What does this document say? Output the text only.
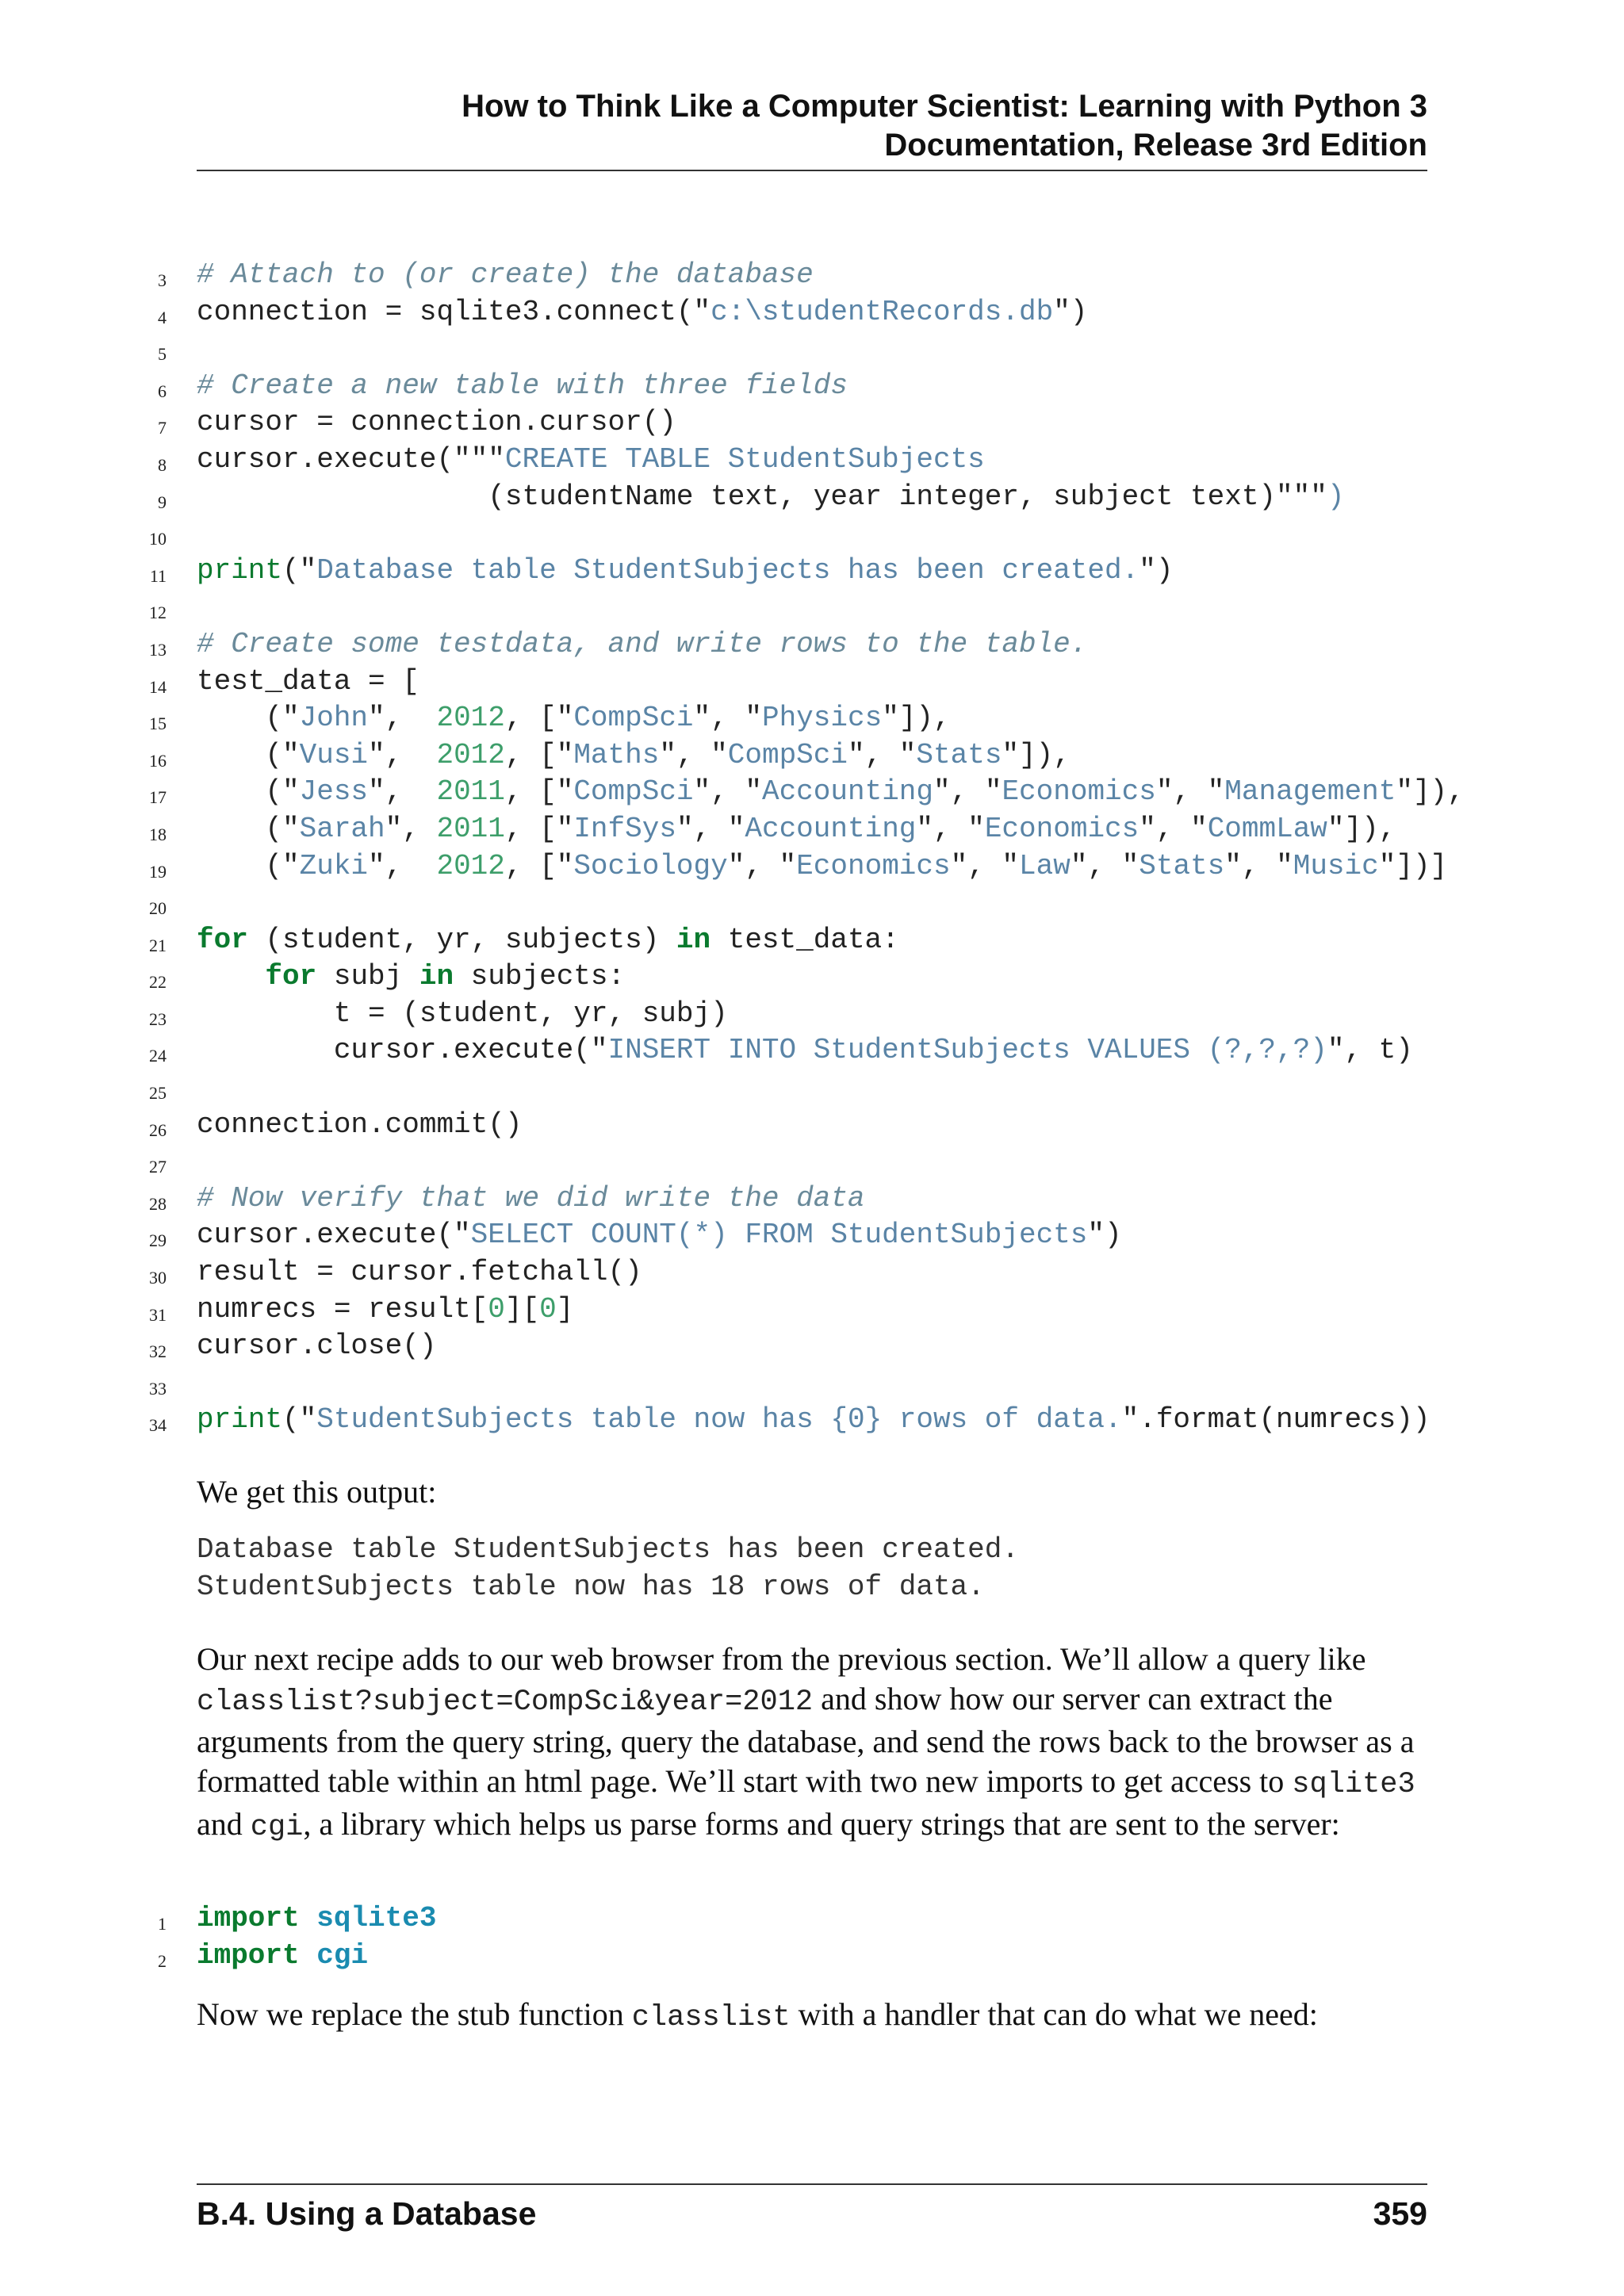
How to Think Like a Computer Scientist: Learning with Python 3
Documentation, Release 3rd Edition
3 # Attach to (or create) the database
4 connection = sqlite3.connect("c:\studentRecords.db")
5
6 # Create a new table with three fields
7 cursor = connection.cursor()
8 cursor.execute("""CREATE TABLE StudentSubjects
9 (studentName text, year integer, subject text)""")
10
11 print("Database table StudentSubjects has been created.")
12
13 # Create some testdata, and write rows to the table.
14 test_data = [
15 ("John",  2012, ["CompSci", "Physics"]),
16 ("Vusi",  2012, ["Maths", "CompSci", "Stats"]),
17 ("Jess",  2011, ["CompSci", "Accounting", "Economics", "Management"]),
18 ("Sarah", 2011, ["InfSys", "Accounting", "Economics", "CommLaw"]),
19 ("Zuki",  2012, ["Sociology", "Economics", "Law", "Stats", "Music"])]
20
21 for (student, yr, subjects) in test_data:
22	for subj in subjects:
23 t = (student, yr, subj)
24 cursor.execute("INSERT INTO StudentSubjects VALUES (?,?,?)", t)
25
26 connection.commit()
27
28 # Now verify that we did write the data
29 cursor.execute("SELECT COUNT(*) FROM StudentSubjects")
30 result = cursor.fetchall()
31 numrecs = result[0][0]
32 cursor.close()
33
34 print("StudentSubjects table now has {0} rows of data.".format(numrecs))
We get this output:
Database table StudentSubjects has been created.
StudentSubjects table now has 18 rows of data.
Our next recipe adds to our web browser from the previous section. We’ll allow a query like classlist?subject=CompSci&year=2012 and show how our server can extract the arguments from the query string, query the database, and send the rows back to the browser as a formatted table within an html page. We’ll start with two new imports to get access to sqlite3 and cgi, a library which helps us parse forms and query strings that are sent to the server:
1 import sqlite3
2 import cgi
Now we replace the stub function classlist with a handler that can do what we need:
B.4. Using a Database	359
